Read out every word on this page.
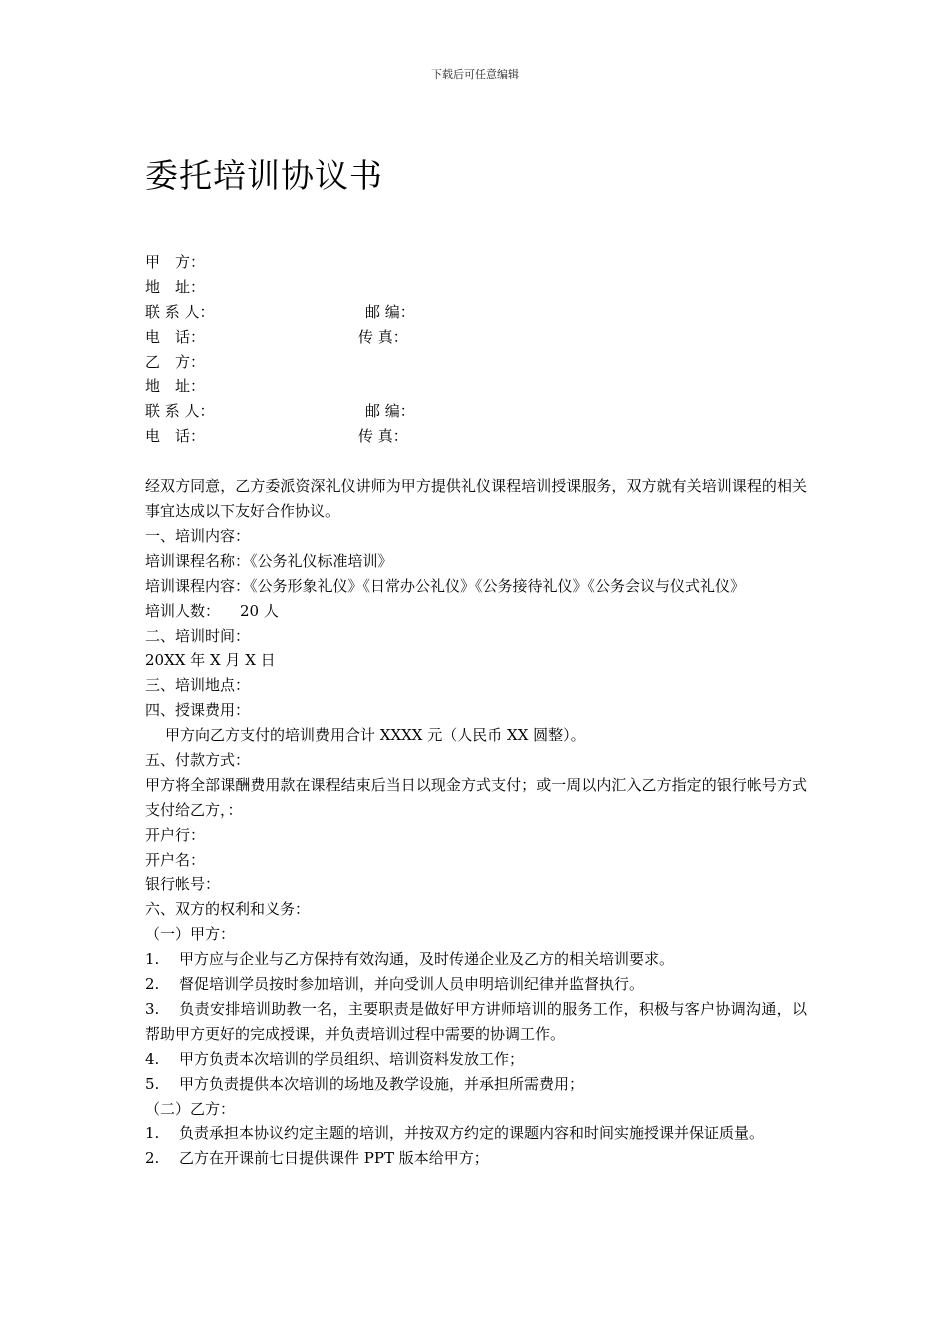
下载后可任意编辑
委托培训协议书
甲　方：
地　址：
联 系 人：	邮 编：
电　话：	传 真：
乙　方：
地　址：
联 系 人：	邮 编：
电　话：	传 真：
经双方同意，乙方委派资深礼仪讲师为甲方提供礼仪课程培训授课服务，双方就有关培训课程的相关事宜达成以下友好合作协议。
一、培训内容：
培训课程名称：《公务礼仪标准培训》
培训课程内容：《公务形象礼仪》《日常办公礼仪》《公务接待礼仪》《公务会议与仪式礼仪》
培训人数： 20 人
二、培训时间：
20XX 年 X 月 X 日
三、培训地点：
四、授课费用：
甲方向乙方支付的培训费用合计 XXXX 元（人民币 XX 圆整）。
五、付款方式：
甲方将全部课酬费用款在课程结束后当日以现金方式支付；或一周以内汇入乙方指定的银行帐号方式支付给乙方，：
开户行：
开户名：
银行帐号：
六、双方的权利和义务：
（一）甲方：
1. 甲方应与企业与乙方保持有效沟通，及时传递企业及乙方的相关培训要求。
2. 督促培训学员按时参加培训，并向受训人员申明培训纪律并监督执行。
3. 负责安排培训助教一名，主要职责是做好甲方讲师培训的服务工作，积极与客户协调沟通，以帮助甲方更好的完成授课，并负责培训过程中需要的协调工作。
4. 甲方负责本次培训的学员组织、培训资料发放工作；
5. 甲方负责提供本次培训的场地及教学设施，并承担所需费用；
（二）乙方：
1. 负责承担本协议约定主题的培训，并按双方约定的课题内容和时间实施授课并保证质量。
2. 乙方在开课前七日提供课件 PPT 版本给甲方；
